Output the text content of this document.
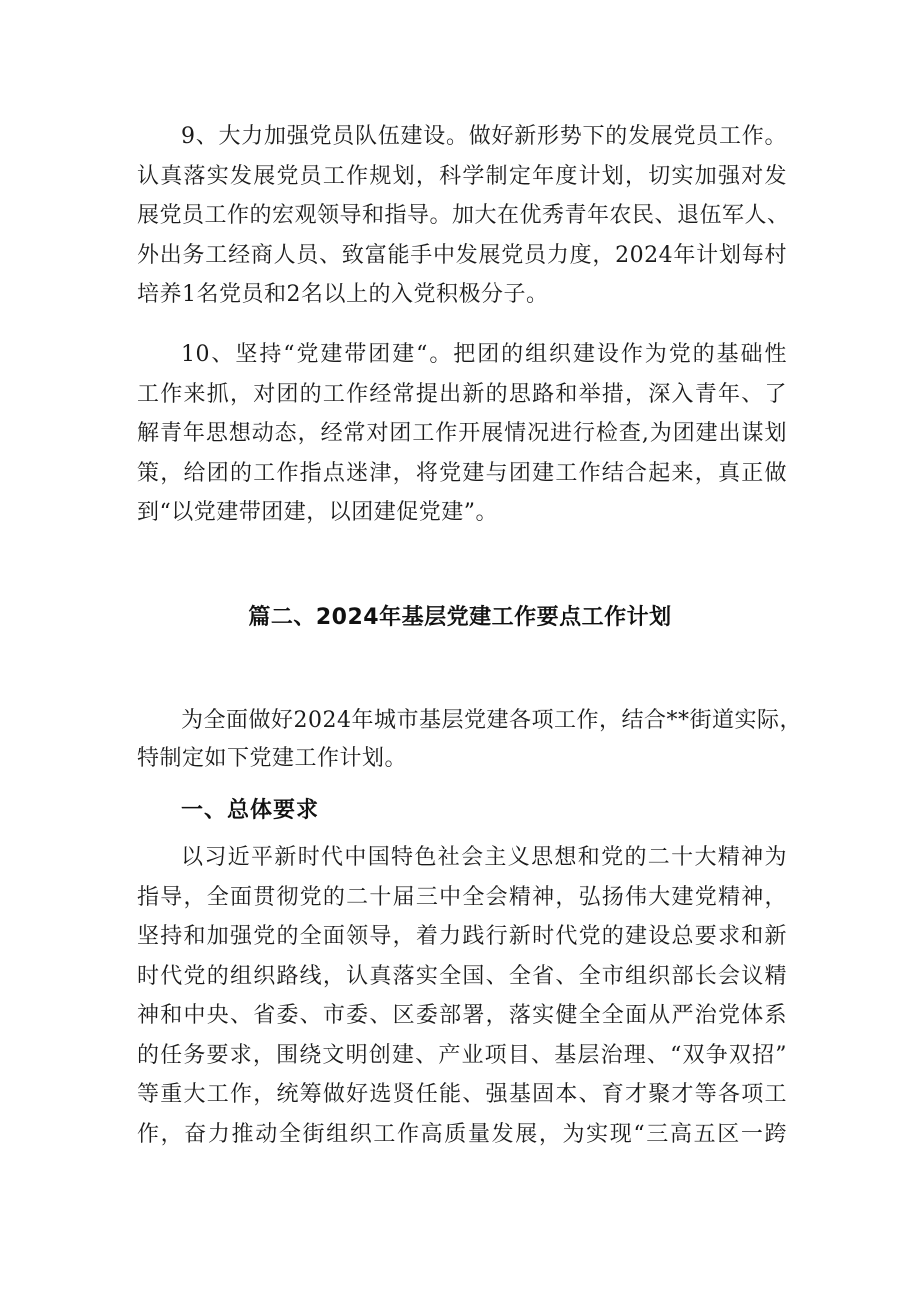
9、大力加强党员队伍建设。做好新形势下的发展党员工作。
认真落实发展党员工作规划，科学制定年度计划，切实加强对发
展党员工作的宏观领导和指导。加大在优秀青年农民、退伍军人、
外出务工经商人员、致富能手中发展党员力度，2024年计划每村
培养1名党员和2名以上的入党积极分子。
10、坚持“党建带团建“。把团的组织建设作为党的基础性
工作来抓，对团的工作经常提出新的思路和举措，深入青年、了
解青年思想动态，经常对团工作开展情况进行检查,为团建出谋划
策，给团的工作指点迷津，将党建与团建工作结合起来，真正做
到“以党建带团建，以团建促党建”。
篇二、2024年基层党建工作要点工作计划
为全面做好2024年城市基层党建各项工作，结合**街道实际，
特制定如下党建工作计划。
一、总体要求
以习近平新时代中国特色社会主义思想和党的二十大精神为
指导，全面贯彻党的二十届三中全会精神，弘扬伟大建党精神，
坚持和加强党的全面领导，着力践行新时代党的建设总要求和新
时代党的组织路线，认真落实全国、全省、全市组织部长会议精
神和中央、省委、市委、区委部署，落实健全全面从严治党体系
的任务要求，围绕文明创建、产业项目、基层治理、“双争双招”
等重大工作，统筹做好选贤任能、强基固本、育才聚才等各项工
作，奋力推动全街组织工作高质量发展，为实现“三高五区一跨
